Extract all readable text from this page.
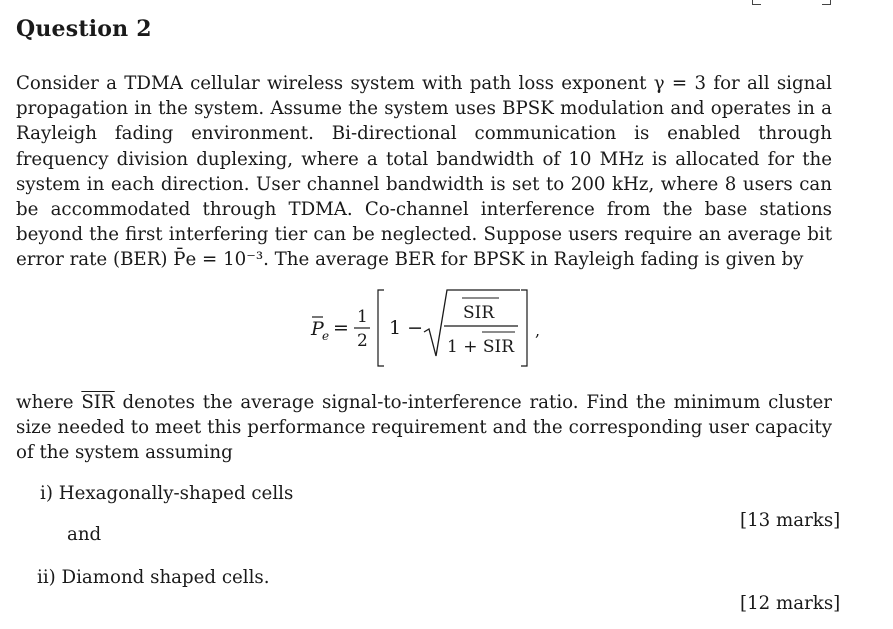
Question 2
Consider a TDMA cellular wireless system with path loss exponent γ = 3 for all signal propagation in the system. Assume the system uses BPSK modulation and operates in a Rayleigh fading environment. Bi-directional communication is enabled through frequency division duplexing, where a total bandwidth of 10 MHz is allocated for the system in each direction. User channel bandwidth is set to 200 kHz, where 8 users can be accommodated through TDMA. Co-channel interference from the base stations beyond the first interfering tier can be neglected. Suppose users require an average bit error rate (BER) P̄e = 10⁻³. The average BER for BPSK in Rayleigh fading is given by
P
e = 1
2
1 −
SIR
1 + SIR
,
where $\overline{SIR}$ denotes the average signal-to-interference ratio. Find the minimum cluster size needed to meet this performance requirement and the corresponding user capacity of the system assuming
i) Hexagonally-shaped cells
[13 marks]
and
ii) Diamond shaped cells.
[12 marks]
